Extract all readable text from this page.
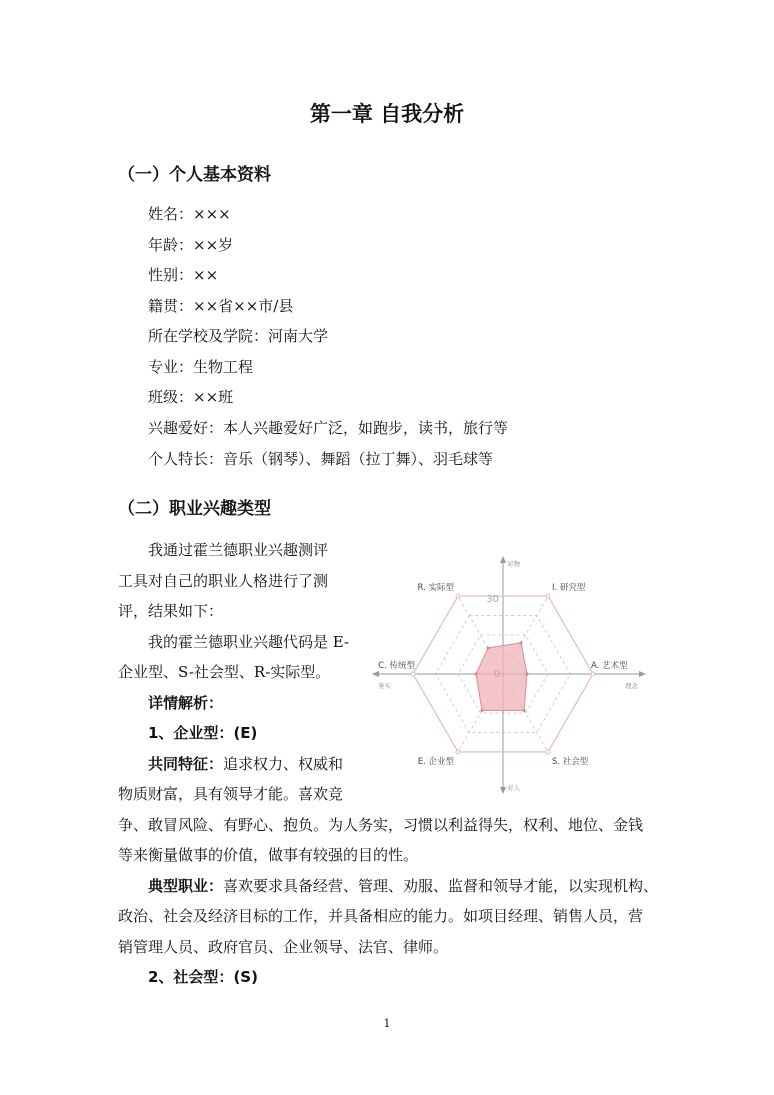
第一章 自我分析
（一）个人基本资料
姓名：×××
年龄：××岁
性别：××
籍贯：××省××市/县
所在学校及学院：河南大学
专业：生物工程
班级：××班
兴趣爱好：本人兴趣爱好广泛，如跑步，读书，旅行等
个人特长：音乐（钢琴）、舞蹈（拉丁舞）、羽毛球等
（二）职业兴趣类型
我通过霍兰德职业兴趣测评
工具对自己的职业人格进行了测
评，结果如下：
我的霍兰德职业兴趣代码是 E-
企业型、S-社会型、R-实际型。
详情解析：
1、企业型：(E)
共同特征：追求权力、权威和
物质财富，具有领导才能。喜欢竞
争、敢冒风险、有野心、抱负。为人务实，习惯以利益得失，权利、地位、金钱
等来衡量做事的价值，做事有较强的目的性。
典型职业：喜欢要求具备经营、管理、劝服、监督和领导才能，以实现机构、
政治、社会及经济目标的工作，并具备相应的能力。如项目经理、销售人员，营
销管理人员、政府官员、企业领导、法官、律师。
2、社会型：(S)
R. 实际型	I. 研究型
A. 艺术型
S. 社会型
E. 企业型
C. 传统型
对物
对人
务实	理念
30
0
1
